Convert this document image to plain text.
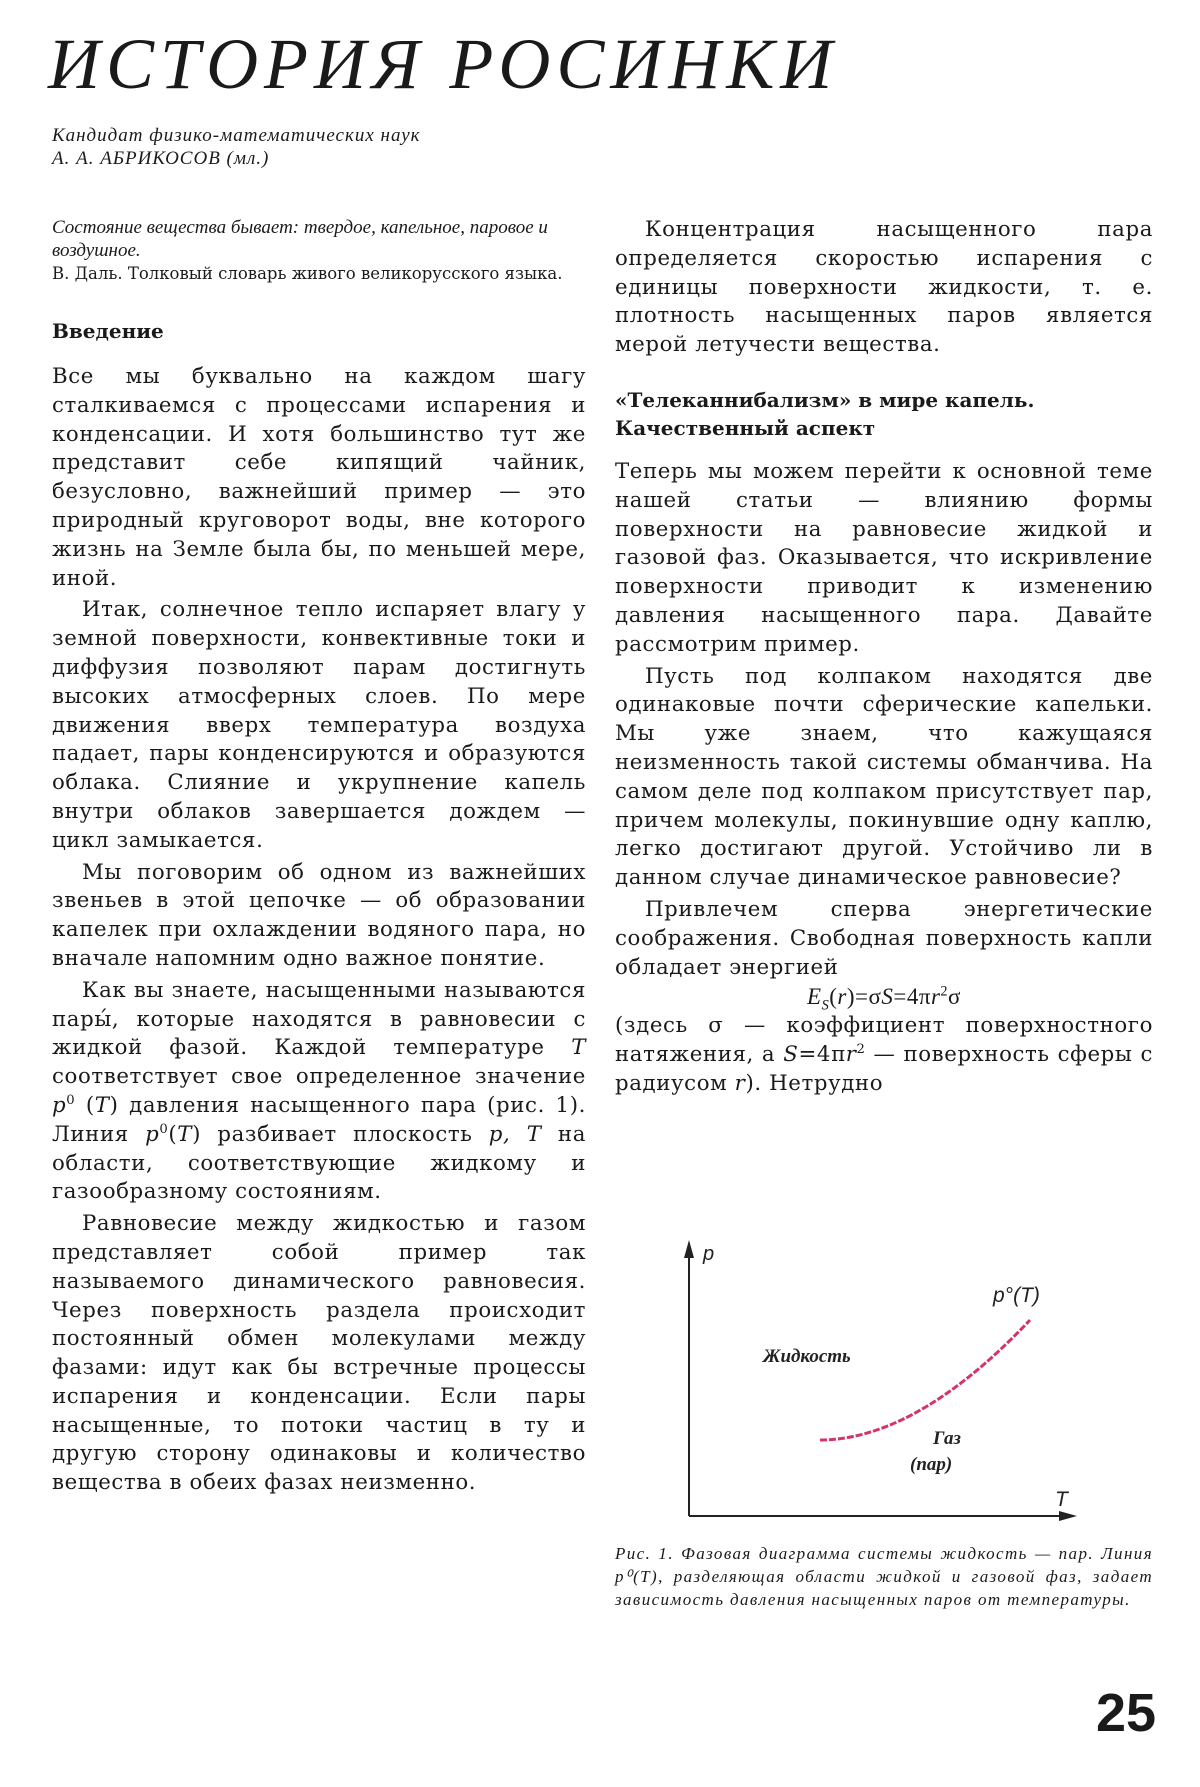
ИСТОРИЯ РОСИНКИ
Кандидат физико-математических наук
А. А. АБРИКОСОВ (мл.)
Состояние вещества бывает: твердое, капельное, паровое и воздушное.
В. Даль. Толковый словарь живого великорусского языка.
Введение

Все мы буквально на каждом шагу сталкиваемся с процессами испарения и конденсации. И хотя большинство тут же представит себе кипящий чайник, безусловно, важнейший пример — это природный круговорот воды, вне которого жизнь на Земле была бы, по меньшей мере, иной.

Итак, солнечное тепло испаряет влагу у земной поверхности, конвективные токи и диффузия позволяют парам достигнуть высоких атмосферных слоев. По мере движения вверх температура воздуха падает, пары конденсируются и образуются облака. Слияние и укрупнение капель внутри облаков завершается дождем — цикл замыкается.

Мы поговорим об одном из важнейших звеньев в этой цепочке — об образовании капелек при охлаждении водяного пара, но вначале напомним одно важное понятие.

Как вы знаете, насыщенными называются пары́, которые находятся в равновесии с жидкой фазой. Каждой температуре T соответствует свое определенное значение $p^0$ (T) давления насыщенного пара (рис. 1). Линия $p^0(T)$ разбивает плоскость p, T на области, соответствующие жидкому и газообразному состояниям.

Равновесие между жидкостью и газом представляет собой пример так называемого динамического равновесия. Через поверхность раздела происходит постоянный обмен молекулами между фазами: идут как бы встречные процессы испарения и конденсации. Если пары насыщенные, то потоки частиц в ту и другую сторону одинаковы и количество вещества в обеих фазах неизменно.

Концентрация насыщенного пара определяется скоростью испарения с единицы поверхности жидкости, т. е. плотность насыщенных паров является мерой летучести вещества.

«Телеканнибализм» в мире капель. Качественный аспект

Теперь мы можем перейти к основной теме нашей статьи — влиянию формы поверхности на равновесие жидкой и газовой фаз. Оказывается, что искривление поверхности приводит к изменению давления насыщенного пара. Давайте рассмотрим пример.

Пусть под колпаком находятся две одинаковые почти сферические капельки. Мы уже знаем, что кажущаяся неизменность такой системы обманчива. На самом деле под колпаком присутствует пар, причем молекулы, покинувшие одну каплю, легко достигают другой. Устойчиво ли в данном случае динамическое равновесие?

Привлечем сперва энергетические соображения. Свободная поверхность капли обладает энергией

$E_S(r)=\sigma S=4\pi r^2\sigma$

(здесь σ — коэффициент поверхностного натяжения, а $S=4\pi r^2$ — поверхность сферы с радиусом r). Нетрудно

p
T
p°(T)
Жидкость
Газ
(пар)
Рис. 1. Фазовая диаграмма системы жидкость — пар. Линия p⁰(T), разделяющая области жидкой и газовой фаз, задает зависимость давления насыщенных паров от температуры.
25
